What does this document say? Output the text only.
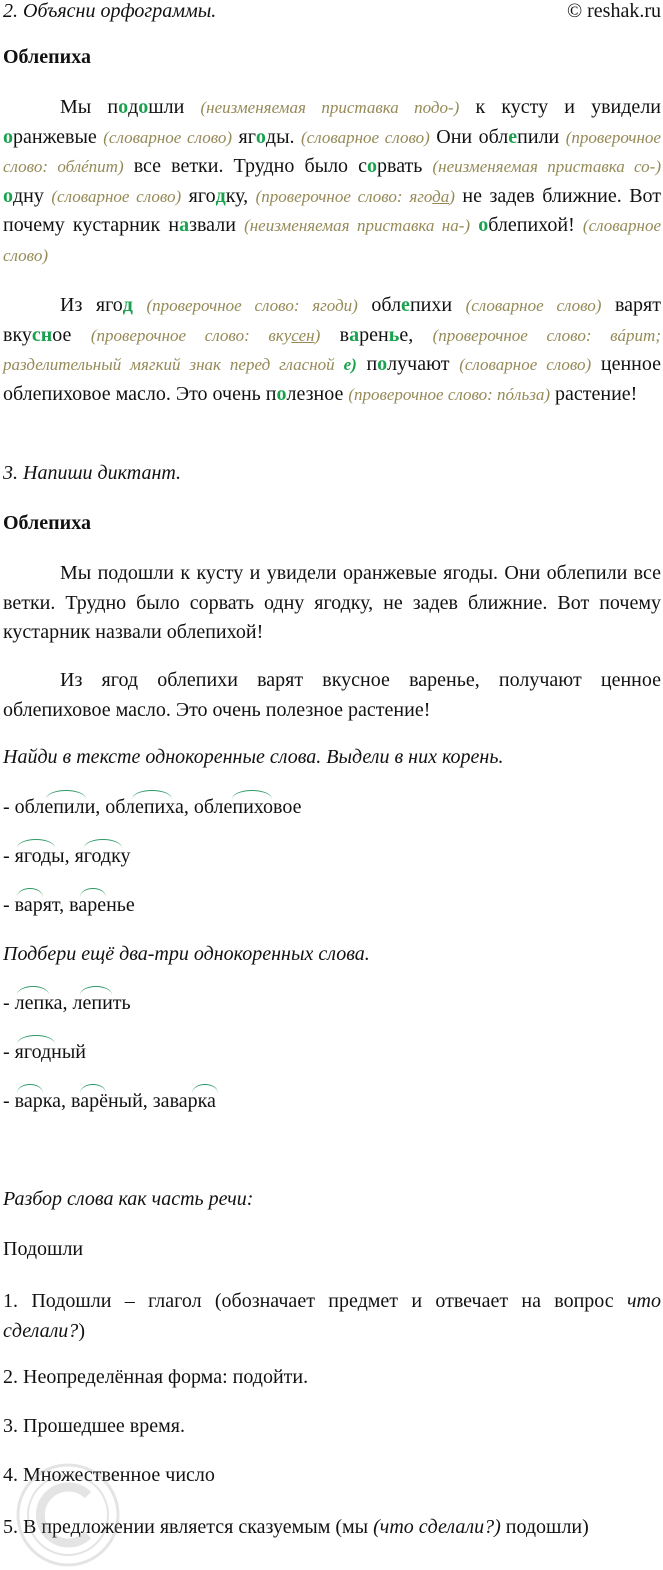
2. Объясни орфограммы.	© reshak.ru
Облепиха
Мы подошли (неизменяемая приставка подо-) к кусту и увидели оранжевые (словарное слово) ягоды. (словарное слово) Они облепили (проверочное слово: облéпит) все ветки. Трудно было сорвать (неизменяемая приставка со-) одну (словарное слово) ягодку, (проверочное слово: ягода) не задев ближние. Вот почему кустарник назвали (неизменяемая приставка на-) облепихой! (словарное слово)
Из ягод (проверочное слово: ягоди) облепихи (словарное слово) варят вкусное (проверочное слово: вкусен) варенье, (проверочное слово: вáрит; разделительный мягкий знак перед гласной е) получают (словарное слово) ценное облепиховое масло. Это очень полезное (проверочное слово: пóльза) растение!
3. Напиши диктант.
Облепиха
Мы подошли к кусту и увидели оранжевые ягоды. Они облепили все ветки. Трудно было сорвать одну ягодку, не задев ближние. Вот почему кустарник назвали облепихой!
Из ягод облепихи варят вкусное варенье, получают ценное облепиховое масло. Это очень полезное растение!
Найди в тексте однокоренные слова. Выдели в них корень.
- облепили, облепиха, облепиховое
- ягоды, ягодку
- варят, варенье
Подбери ещё два-три однокоренных слова.
- лепка, лепить
- ягодный
- варка, варёный, заварка
Разбор слова как часть речи:
Подошли
1. Подошли – глагол (обозначает предмет и отвечает на вопрос что сделали?)
2. Неопределённая форма: подойти.
3. Прошедшее время.
4. Множественное число
5. В предложении является сказуемым (мы (что сделали?) подошли)
